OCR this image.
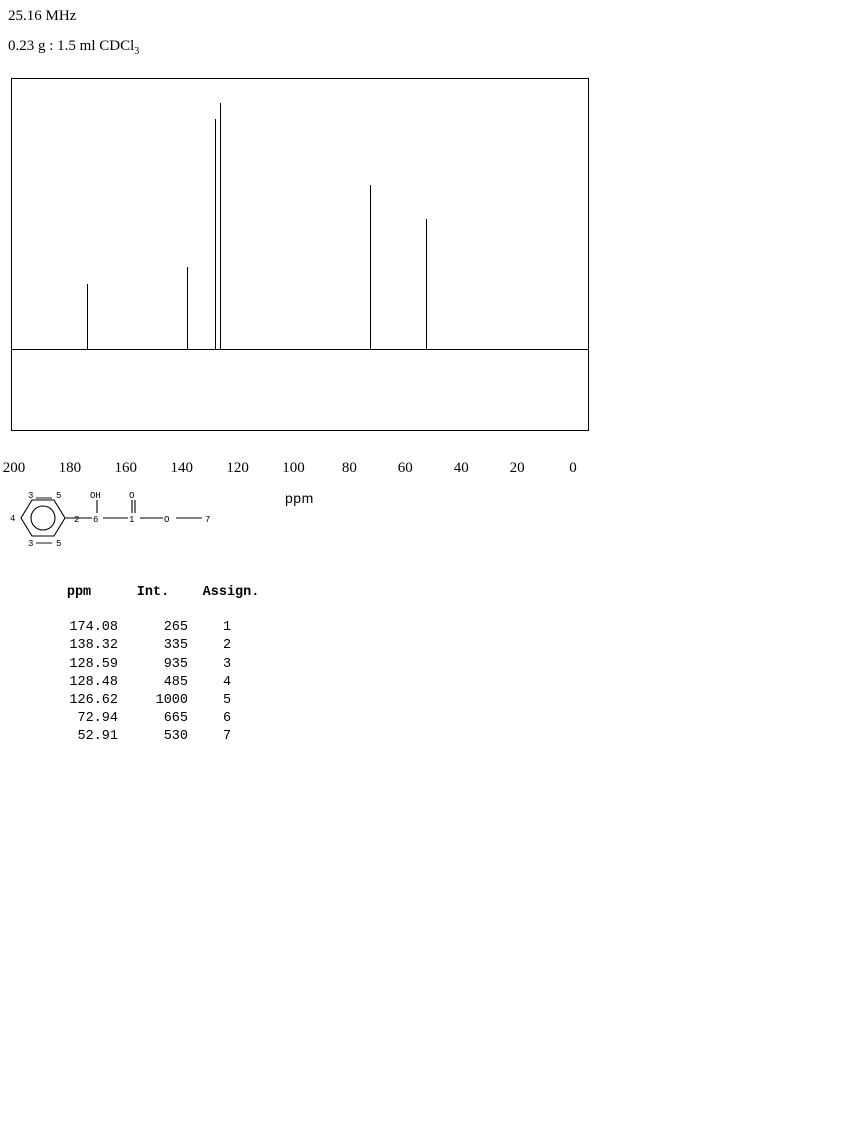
25.16 MHz
0.23 g : 1.5 ml CDCl$_3$
200 180 160 140 120 100 80	60	40	20	0
ppm
3	5
4
3	5
2 6	1	O	7
OH	O
ppm	Int.	Assign.
174.08	265	1
138.32	335	2
128.59	935	3
128.48	485	4
126.62	1000	5
72.94	665	6
52.91	530	7
